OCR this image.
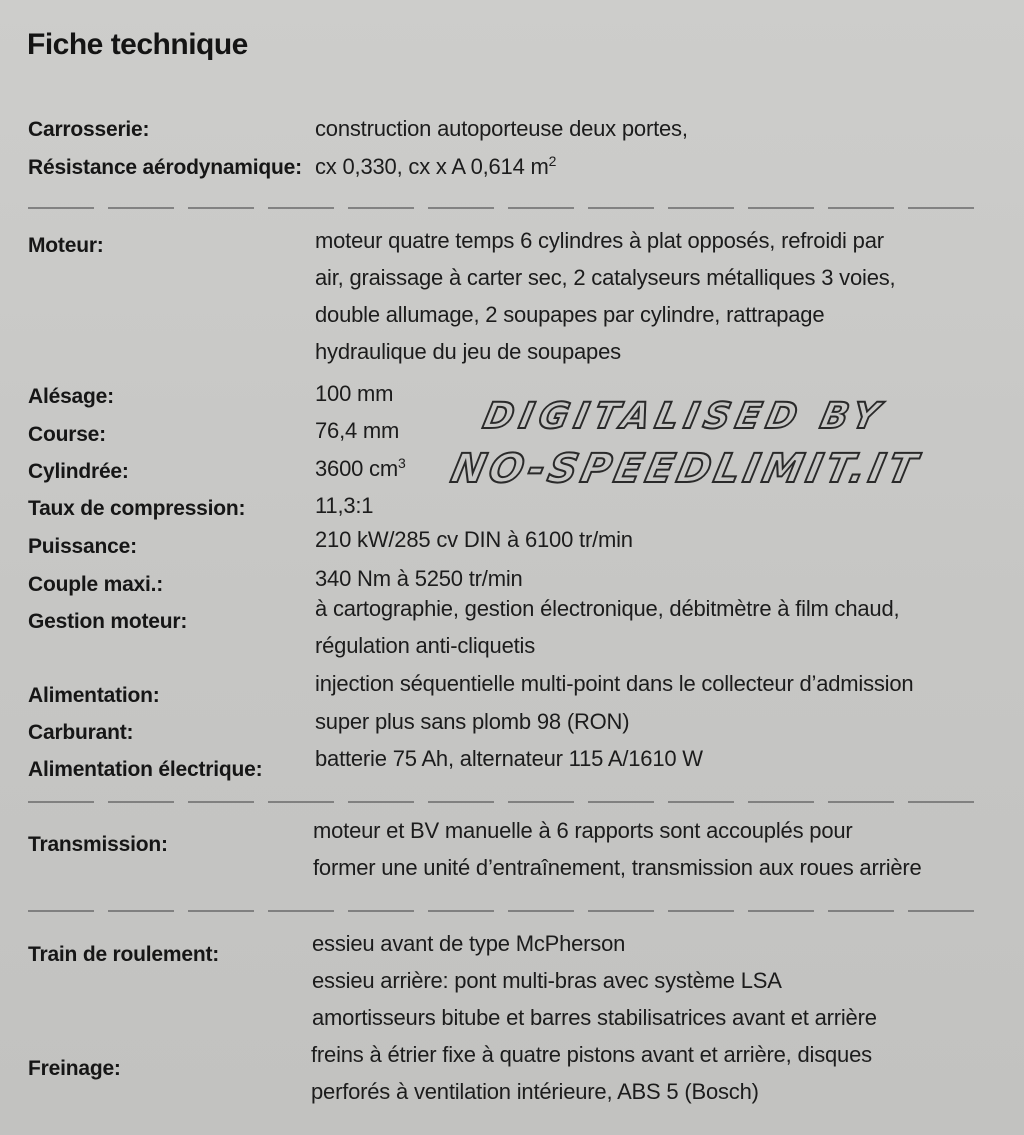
Fiche technique
Carrosserie:	construction autoporteuse deux portes,
Résistance aérodynamique: cx 0,330, cx x A 0,614 $m^2$
Moteur:	moteur quatre temps 6 cylindres à plat opposés, refroidi par
air, graissage à carter sec, 2 catalyseurs métalliques 3 voies,
double allumage, 2 soupapes par cylindre, rattrapage
hydraulique du jeu de soupapes
Alésage:	100 mm
Course:	76,4 mm
Cylindrée:	3600 $cm^3$
Taux de compression:	11,3:1
Puissance:	210 kW/285 cv DIN à 6100 tr/min
Couple maxi.:	340 Nm à 5250 tr/min
Gestion moteur:
à cartographie, gestion électronique, débitmètre à film chaud,
régulation anti-cliquetis
Alimentation:	injection séquentielle multi-point dans le collecteur d’admission
Carburant:	super plus sans plomb 98 (RON)
Alimentation électrique: batterie 75 Ah, alternateur 115 A/1610 W
Transmission:
moteur et BV manuelle à 6 rapports sont accouplés pour
former une unité d’entraînement, transmission aux roues arrière
Train de roulement:	essieu avant de type McPherson
essieu arrière: pont multi-bras avec système LSA
amortisseurs bitube et barres stabilisatrices avant et arrière
Freinage:
freins à étrier fixe à quatre pistons avant et arrière, disques
perforés à ventilation intérieure, ABS 5 (Bosch)
DIGITALISED BY
NO-SPEEDLIMIT.IT
